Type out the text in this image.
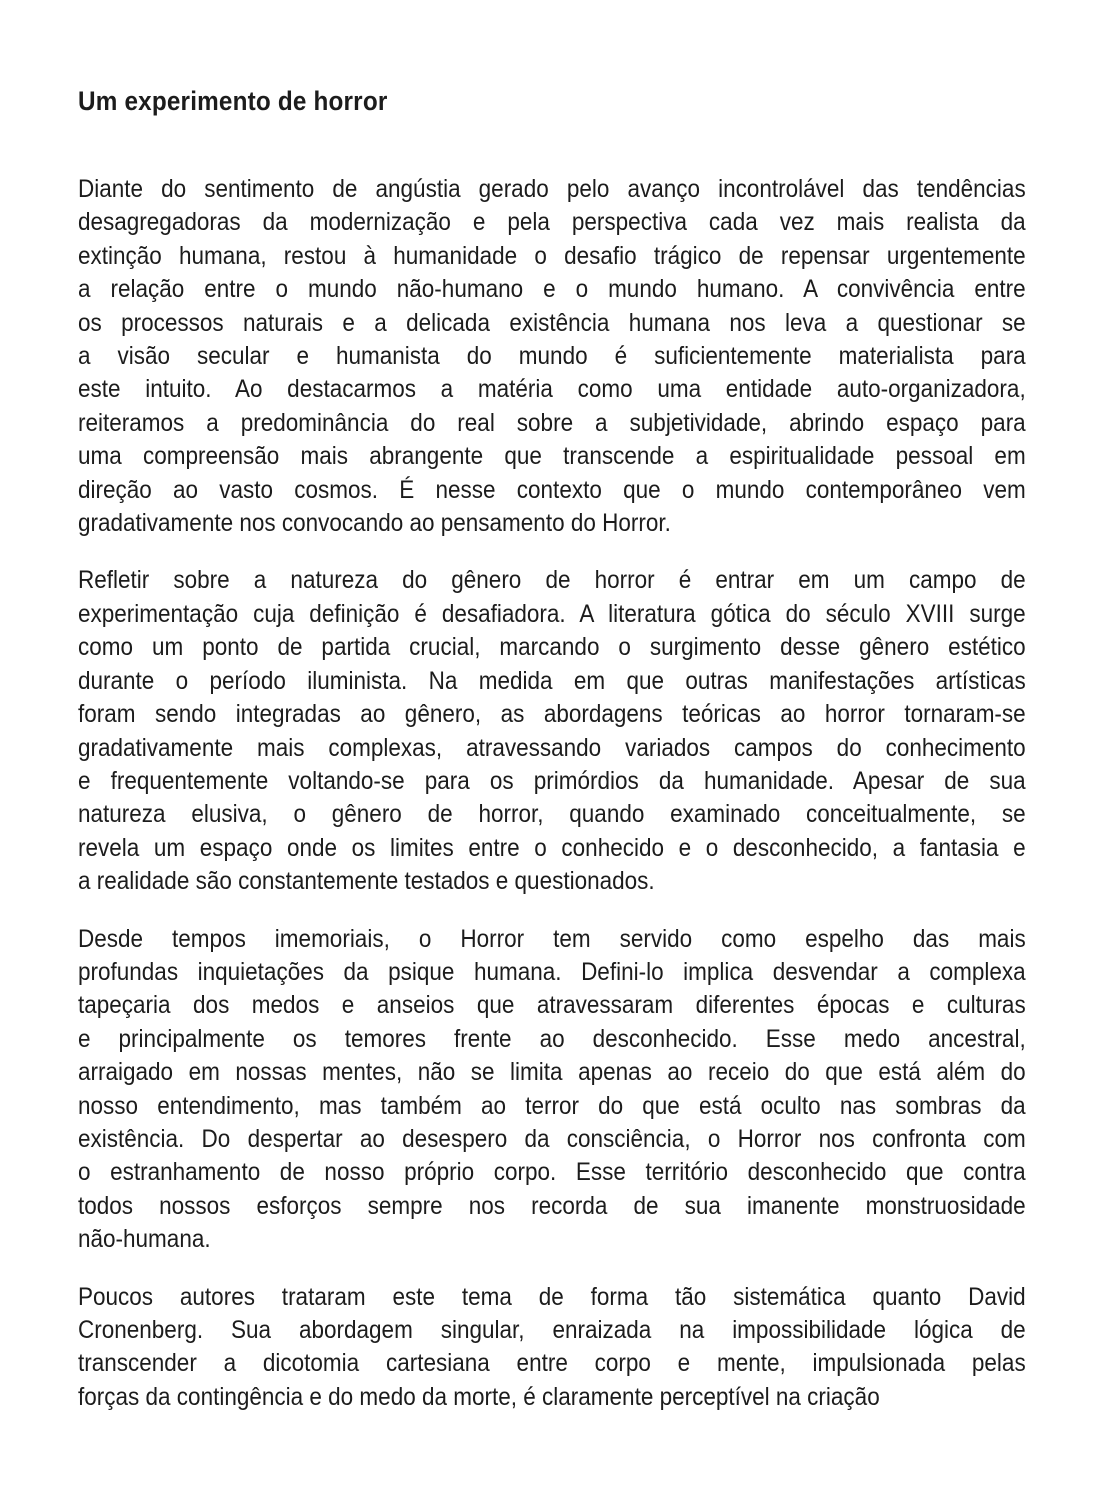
Um experimento de horror
Diante do sentimento de angústia gerado pelo avanço incontrolável das tendências
desagregadoras da modernização e pela perspectiva cada vez mais realista da
extinção humana, restou à humanidade o desafio trágico de repensar urgentemente
a relação entre o mundo não-humano e o mundo humano. A convivência entre
os processos naturais e a delicada existência humana nos leva a questionar se
a visão secular e humanista do mundo é suficientemente materialista para
este intuito. Ao destacarmos a matéria como uma entidade auto-organizadora,
reiteramos a predominância do real sobre a subjetividade, abrindo espaço para
uma compreensão mais abrangente que transcende a espiritualidade pessoal em
direção ao vasto cosmos. É nesse contexto que o mundo contemporâneo vem
gradativamente nos convocando ao pensamento do Horror.
Refletir sobre a natureza do gênero de horror é entrar em um campo de
experimentação cuja definição é desafiadora. A literatura gótica do século XVIII surge
como um ponto de partida crucial, marcando o surgimento desse gênero estético
durante o período iluminista. Na medida em que outras manifestações artísticas
foram sendo integradas ao gênero, as abordagens teóricas ao horror tornaram-se
gradativamente mais complexas, atravessando variados campos do conhecimento
e frequentemente voltando-se para os primórdios da humanidade. Apesar de sua
natureza elusiva, o gênero de horror, quando examinado conceitualmente, se
revela um espaço onde os limites entre o conhecido e o desconhecido, a fantasia e
a realidade são constantemente testados e questionados.
Desde tempos imemoriais, o Horror tem servido como espelho das mais
profundas inquietações da psique humana. Defini-lo implica desvendar a complexa
tapeçaria dos medos e anseios que atravessaram diferentes épocas e culturas
e principalmente os temores frente ao desconhecido. Esse medo ancestral,
arraigado em nossas mentes, não se limita apenas ao receio do que está além do
nosso entendimento, mas também ao terror do que está oculto nas sombras da
existência. Do despertar ao desespero da consciência, o Horror nos confronta com
o estranhamento de nosso próprio corpo. Esse território desconhecido que contra
todos nossos esforços sempre nos recorda de sua imanente monstruosidade
não-humana.
Poucos autores trataram este tema de forma tão sistemática quanto David
Cronenberg. Sua abordagem singular, enraizada na impossibilidade lógica de
transcender a dicotomia cartesiana entre corpo e mente, impulsionada pelas
forças da contingência e do medo da morte, é claramente perceptível na criação
